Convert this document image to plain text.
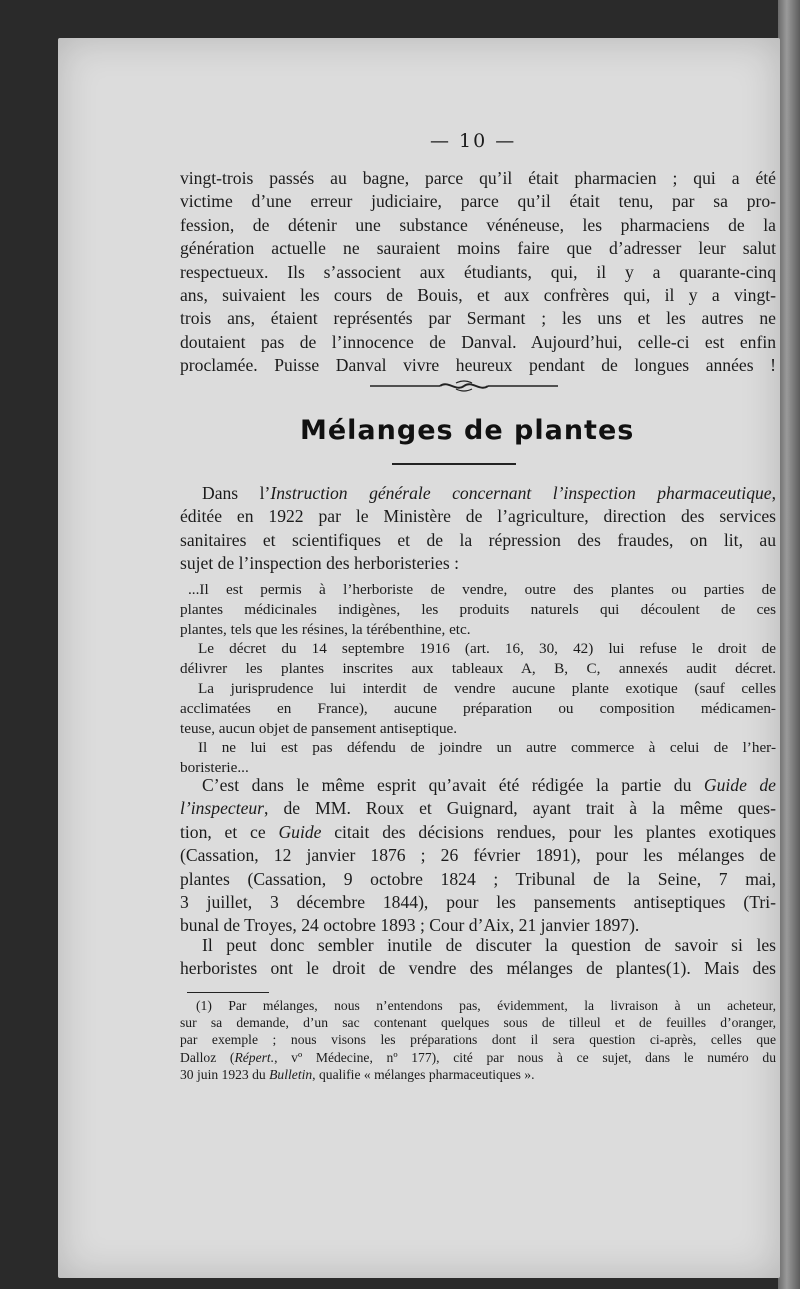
— 10 —
vingt-trois passés au bagne, parce qu’il était pharmacien ; qui a été
victime d’une erreur judiciaire, parce qu’il était tenu, par sa pro-
fession, de détenir une substance vénéneuse, les pharmaciens de la
génération actuelle ne sauraient moins faire que d’adresser leur salut
respectueux. Ils s’associent aux étudiants, qui, il y a quarante-cinq
ans, suivaient les cours de Bouis, et aux confrères qui, il y a vingt-
trois ans, étaient représentés par Sermant ; les uns et les autres ne
doutaient pas de l’innocence de Danval. Aujourd’hui, celle-ci est enfin
proclamée. Puisse Danval vivre heureux pendant de longues années !
Mélanges de plantes
Dans l’Instruction générale concernant l’inspection pharmaceutique,
éditée en 1922 par le Ministère de l’agriculture, direction des services
sanitaires et scientifiques et de la répression des fraudes, on lit, au
sujet de l’inspection des herboristeries :
...Il est permis à l’herboriste de vendre, outre des plantes ou parties de
plantes médicinales indigènes, les produits naturels qui découlent de ces
plantes, tels que les résines, la térébenthine, etc.
Le décret du 14 septembre 1916 (art. 16, 30, 42) lui refuse le droit de
délivrer les plantes inscrites aux tableaux A, B, C, annexés audit décret.
La jurisprudence lui interdit de vendre aucune plante exotique (sauf celles
acclimatées en France), aucune préparation ou composition médicamen-
teuse, aucun objet de pansement antiseptique.
Il ne lui est pas défendu de joindre un autre commerce à celui de l’her-
boristerie...
C’est dans le même esprit qu’avait été rédigée la partie du Guide de
l’inspecteur, de MM. Roux et Guignard, ayant trait à la même ques-
tion, et ce Guide citait des décisions rendues, pour les plantes exotiques
(Cassation, 12 janvier 1876 ; 26 février 1891), pour les mélanges de
plantes (Cassation, 9 octobre 1824 ; Tribunal de la Seine, 7 mai,
3 juillet, 3 décembre 1844), pour les pansements antiseptiques (Tri-
bunal de Troyes, 24 octobre 1893 ; Cour d’Aix, 21 janvier 1897).
Il peut donc sembler inutile de discuter la question de savoir si les
herboristes ont le droit de vendre des mélanges de plantes(1). Mais des
(1) Par mélanges, nous n’entendons pas, évidemment, la livraison à un acheteur,
sur sa demande, d’un sac contenant quelques sous de tilleul et de feuilles d’oranger,
par exemple ; nous visons les préparations dont il sera question ci-après, celles que
Dalloz (Répert., vº Médecine, nº 177), cité par nous à ce sujet, dans le numéro du
30 juin 1923 du Bulletin, qualifie « mélanges pharmaceutiques ».
